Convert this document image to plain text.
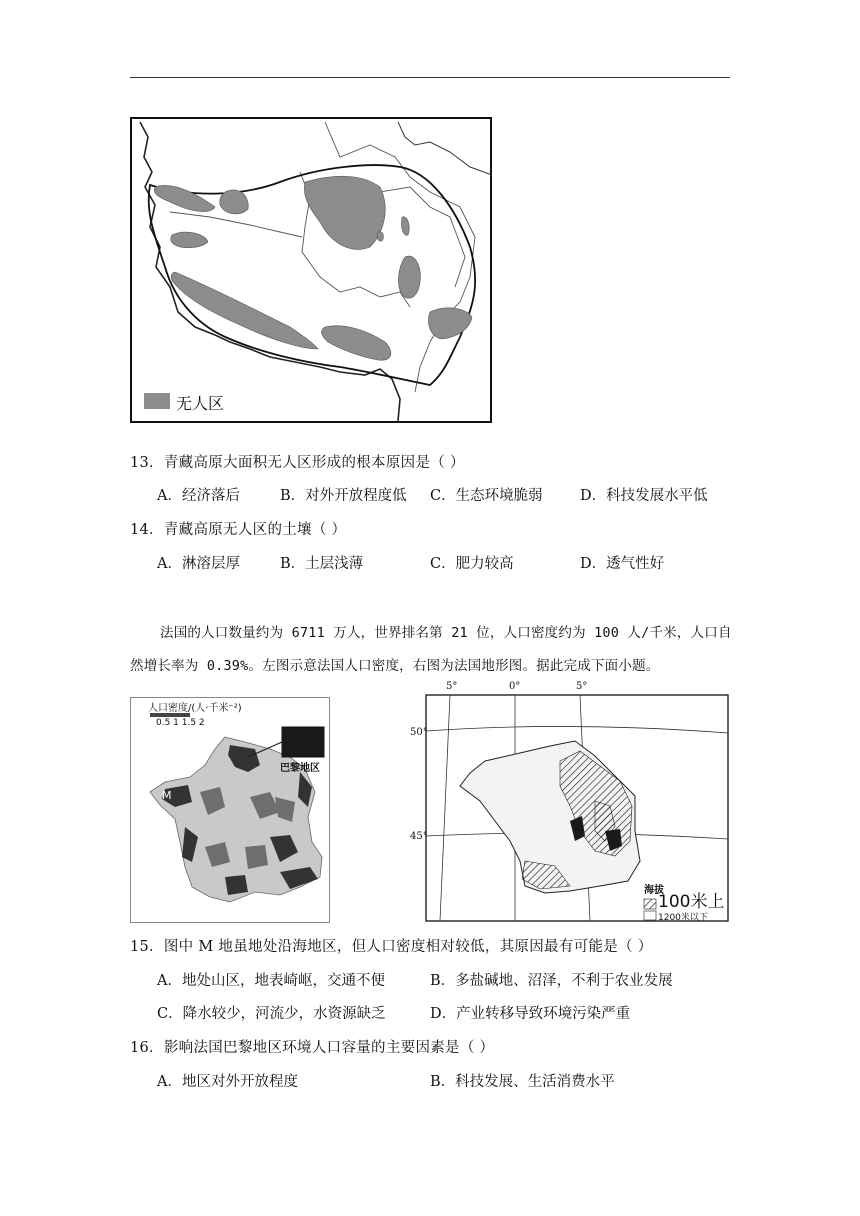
无人区
13．青藏高原大面积无人区形成的根本原因是（ ）
A．经济落后	B．对外开放程度低 C．生态环境脆弱	D．科技发展水平低
14．青藏高原无人区的土壤（ ）
A．淋溶层厚	B．土层浅薄	C．肥力较高	D．透气性好
法国的人口数量约为 6711 万人，世界排名第 21 位，人口密度约为 100 人/千米，人口自
然增长率为 0.39%。左图示意法国人口密度，右图为法国地形图。据此完成下面小题。
人口密度/(人·千米⁻²)
0.5 1 1.5 2
巴黎地区
M
5°	0°	5°
50°
45°
海拔
100米上
1200米以下
15．图中 M 地虽地处沿海地区，但人口密度相对较低，其原因最有可能是（ ）
A．地处山区，地表崎岖，交通不便	B．多盐碱地、沼泽，不利于农业发展
C．降水较少，河流少，水资源缺乏	D．产业转移导致环境污染严重
16．影响法国巴黎地区环境人口容量的主要因素是（ ）
A．地区对外开放程度	B．科技发展、生活消费水平
